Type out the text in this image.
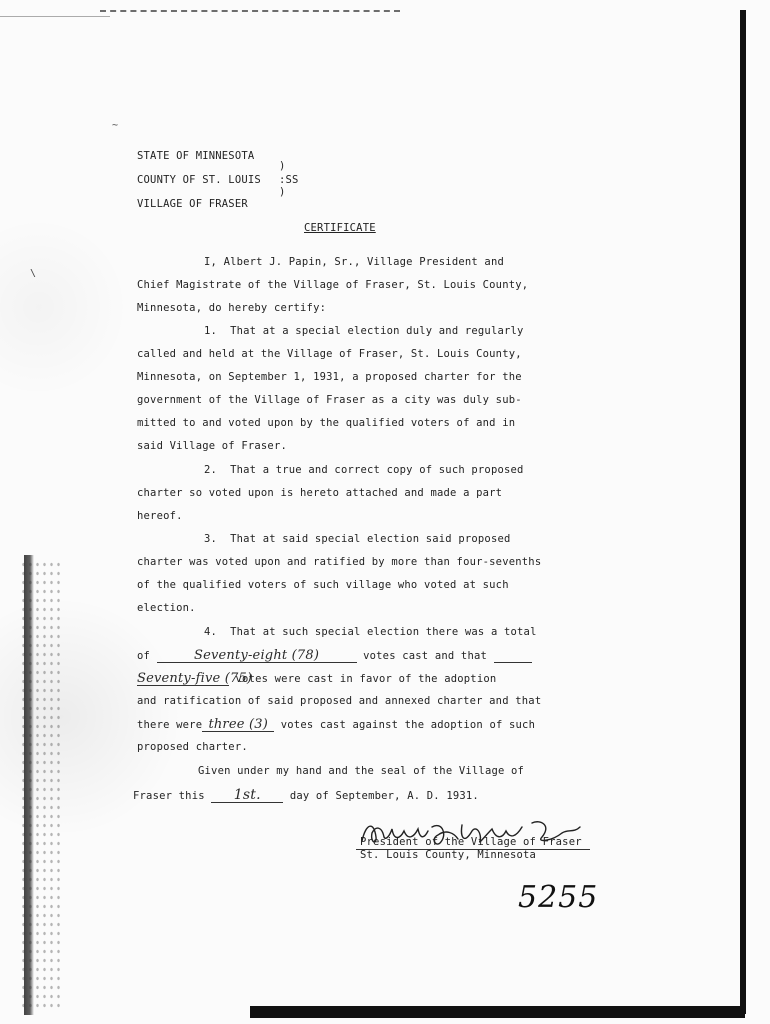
~
\
STATE OF MINNESOTA
)
COUNTY OF ST. LOUIS :SS
)
VILLAGE OF FRASER
CERTIFICATE
I, Albert J. Papin, Sr., Village President and
Chief Magistrate of the Village of Fraser, St. Louis County,
Minnesota, do hereby certify:
1.  That at a special election duly and regularly
called and held at the Village of Fraser, St. Louis County,
Minnesota, on September 1, 1931, a proposed charter for the
government of the Village of Fraser as a city was duly sub-
mitted to and voted upon by the qualified voters of and in
said Village of Fraser.
2.  That a true and correct copy of such proposed
charter so voted upon is hereto attached and made a part
hereof.
3.  That at said special election said proposed
charter was voted upon and ratified by more than four-sevenths
of the qualified voters of such village who voted at such
election.
4.  That at such special election there was a total
of	Seventy-eight (78)	votes cast and that
Seventy-five (75) votes were cast in favor of the adoption
and ratification of said proposed and annexed charter and that
there were three (3) votes cast against the adoption of such
proposed charter.
Given under my hand and the seal of the Village of
Fraser this 1st.	day of September, A. D. 1931.
President of the Village of Fraser
St. Louis County, Minnesota
5255
